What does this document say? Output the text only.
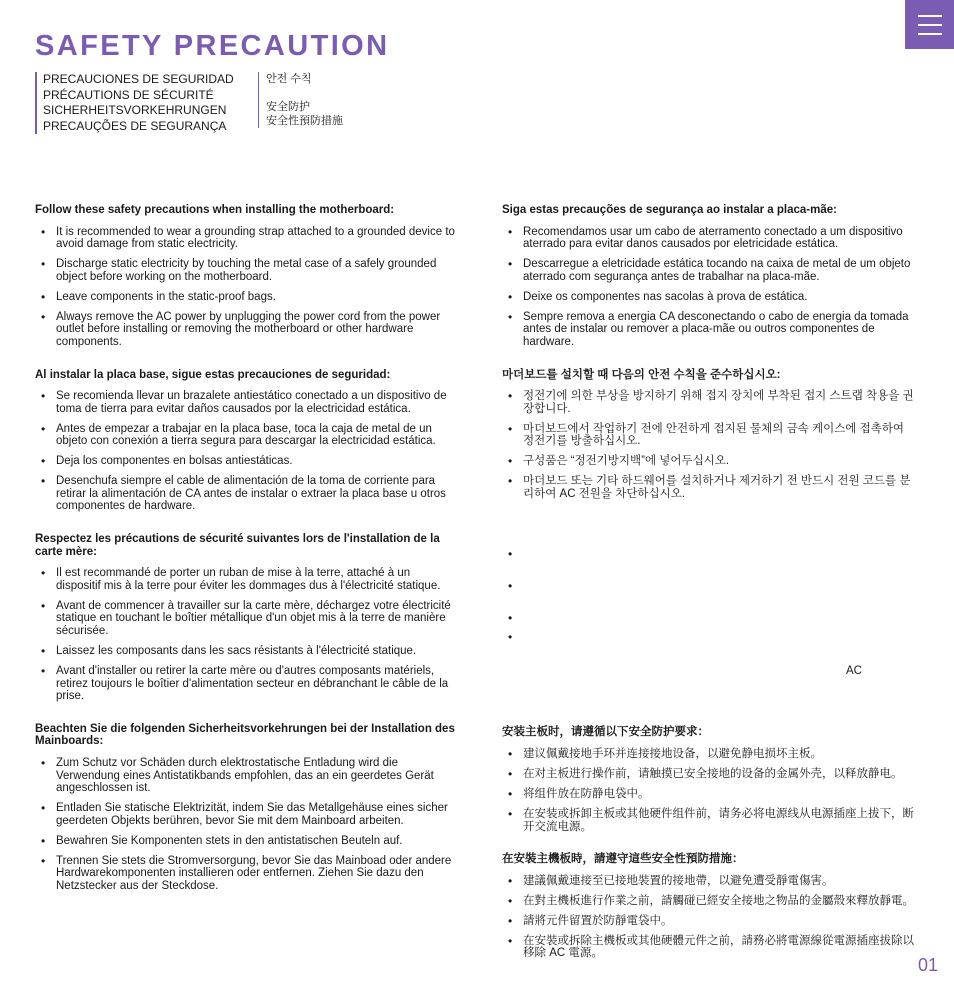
SAFETY PRECAUTION
PRECAUCIONES DE SEGURIDAD
PRÉCAUTIONS DE SÉCURITÉ
SICHERHEITSVORKEHRUNGEN
PRECAUÇÕES DE SEGURANÇA
안전 수칙
安全防护
安全性預防措施
Follow these safety precautions when installing the motherboard:
• It is recommended to wear a grounding strap attached to a grounded device to avoid damage from static electricity.
• Discharge static electricity by touching the metal case of a safely grounded object before working on the motherboard.
• Leave components in the static-proof bags.
• Always remove the AC power by unplugging the power cord from the power outlet before installing or removing the motherboard or other hardware components.
Al instalar la placa base, sigue estas precauciones de seguridad:
• Se recomienda llevar un brazalete antiestático conectado a un dispositivo de toma de tierra para evitar daños causados por la electricidad estática.
• Antes de empezar a trabajar en la placa base, toca la caja de metal de un objeto con conexión a tierra segura para descargar la electricidad estática.
• Deja los componentes en bolsas antiestáticas.
• Desenchufa siempre el cable de alimentación de la toma de corriente para retirar la alimentación de CA antes de instalar o extraer la placa base u otros componentes de hardware.
Respectez les précautions de sécurité suivantes lors de l'installation de la carte mère:
• Il est recommandé de porter un ruban de mise à la terre, attaché à un dispositif mis à la terre pour éviter les dommages dus à l'électricité statique.
• Avant de commencer à travailler sur la carte mère, déchargez votre électricité statique en touchant le boîtier métallique d'un objet mis à la terre de manière sécurisée.
• Laissez les composants dans les sacs résistants à l'électricité statique.
• Avant d'installer ou retirer la carte mère ou d'autres composants matériels, retirez toujours le boîtier d'alimentation secteur en débranchant le câble de la prise.
Beachten Sie die folgenden Sicherheitsvorkehrungen bei der Installation des Mainboards:
• Zum Schutz vor Schäden durch elektrostatische Entladung wird die Verwendung eines Antistatikbands empfohlen, das an ein geerdetes Gerät angeschlossen ist.
• Entladen Sie statische Elektrizität, indem Sie das Metallgehäuse eines sicher geerdeten Objekts berühren, bevor Sie mit dem Mainboard arbeiten.
• Bewahren Sie Komponenten stets in den antistatischen Beuteln auf.
• Trennen Sie stets die Stromversorgung, bevor Sie das Mainboad oder andere Hardwarekomponenten installieren oder entfernen. Ziehen Sie dazu den Netzstecker aus der Steckdose.
Siga estas precauções de segurança ao instalar a placa-mãe:
• Recomendamos usar um cabo de aterramento conectado a um dispositivo aterrado para evitar danos causados por eletricidade estática.
• Descarregue a eletricidade estática tocando na caixa de metal de um objeto aterrado com segurança antes de trabalhar na placa-mãe.
• Deixe os componentes nas sacolas à prova de estática.
• Sempre remova a energia CA desconectando o cabo de energia da tomada antes de instalar ou remover a placa-mãe ou outros componentes de hardware.
마더보드를 설치할 때 다음의 안전 수칙을 준수하십시오:
• 정전기에 의한 부상을 방지하기 위해 접지 장치에 부착된 접지 스트랩 착용을 권장합니다.
• 마더보드에서 작업하기 전에 안전하게 접지된 물체의 금속 케이스에 접촉하여 정전기를 방출하십시오.
• 구성품은 “정전기방지백”에 넣어두십시오.
• 마더보드 또는 기타 하드웨어를 설치하거나 제거하기 전 반드시 전원 코드를 분리하여 AC 전원을 차단하십시오.
•
•
•
•
AC
安装主板时，请遵循以下安全防护要求：
• 建议佩戴接地手环并连接接地设备，以避免静电损坏主板。
• 在对主板进行操作前，请触摸已安全接地的设备的金属外壳，以释放静电。
• 将组件放在防静电袋中。
• 在安装或拆卸主板或其他硬件组件前，请务必将电源线从电源插座上拔下，断开交流电源。
在安裝主機板時，請遵守這些安全性預防措施：
• 建議佩戴連接至已接地裝置的接地帶，以避免遭受靜電傷害。
• 在對主機板進行作業之前，請觸碰已經安全接地之物品的金屬殼來釋放靜電。
• 請將元件留置於防靜電袋中。
• 在安裝或拆除主機板或其他硬體元件之前，請務必將電源線從電源插座拔除以移除 AC 電源。
01
